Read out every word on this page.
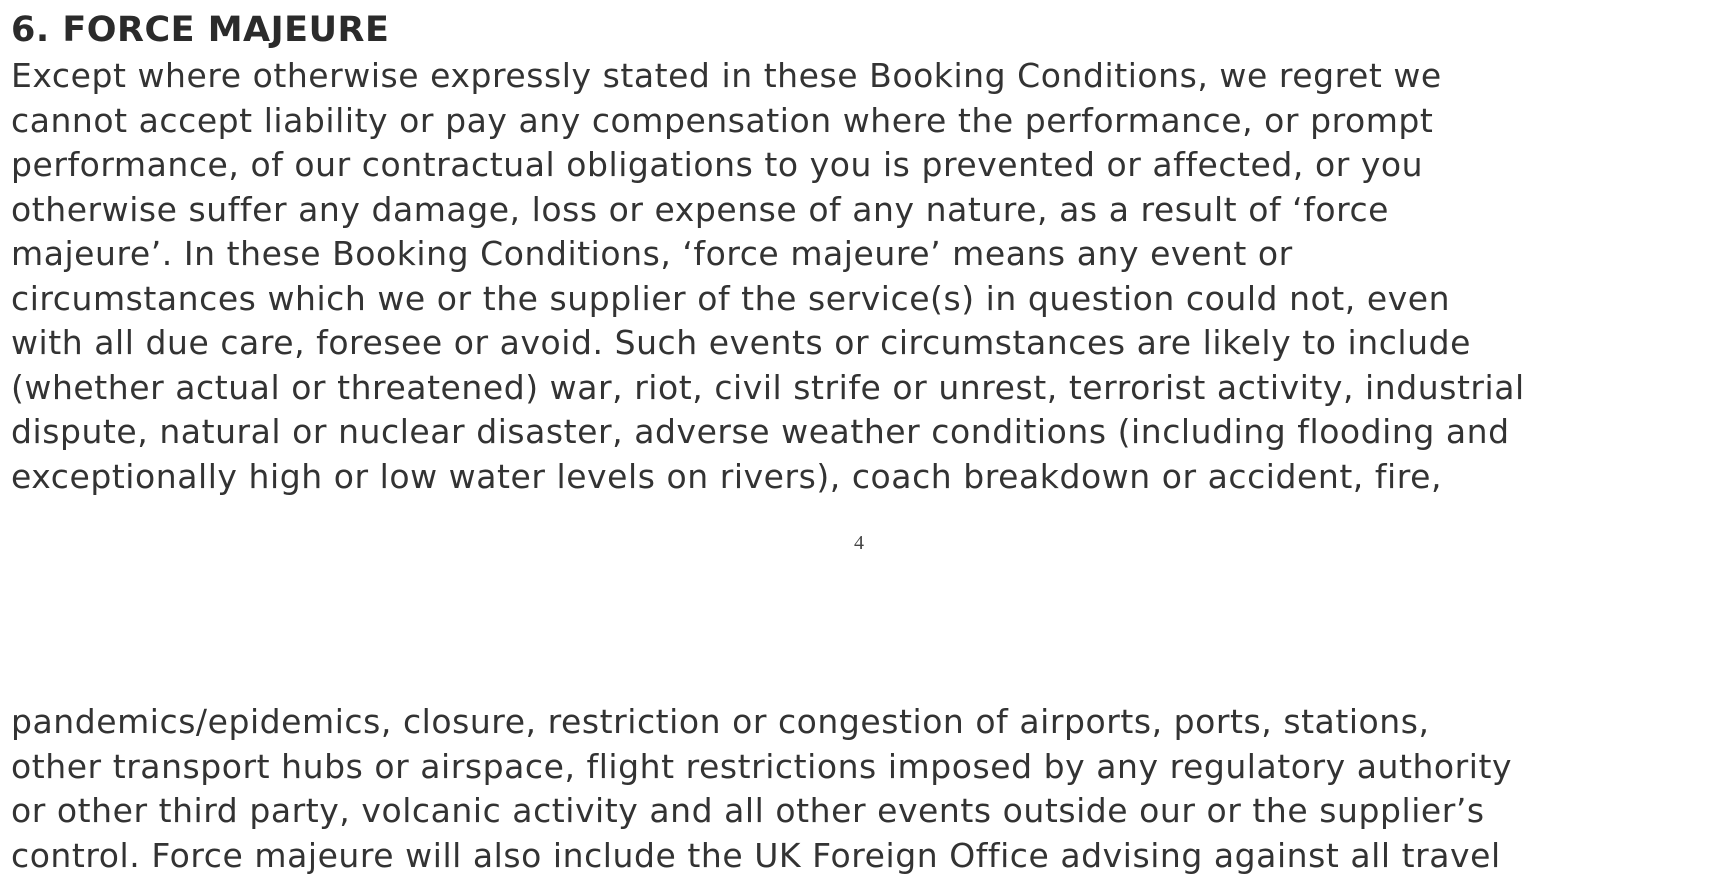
6. FORCE MAJEURE
Except where otherwise expressly stated in these Booking Conditions, we regret we
cannot accept liability or pay any compensation where the performance, or prompt
performance, of our contractual obligations to you is prevented or affected, or you
otherwise suffer any damage, loss or expense of any nature, as a result of ‘force
majeure’. In these Booking Conditions, ‘force majeure’ means any event or
circumstances which we or the supplier of the service(s) in question could not, even
with all due care, foresee or avoid. Such events or circumstances are likely to include
(whether actual or threatened) war, riot, civil strife or unrest, terrorist activity, industrial
dispute, natural or nuclear disaster, adverse weather conditions (including flooding and
exceptionally high or low water levels on rivers), coach breakdown or accident, fire,
4
pandemics/epidemics, closure, restriction or congestion of airports, ports, stations,
other transport hubs or airspace, flight restrictions imposed by any regulatory authority
or other third party, volcanic activity and all other events outside our or the supplier’s
control. Force majeure will also include the UK Foreign Office advising against all travel
